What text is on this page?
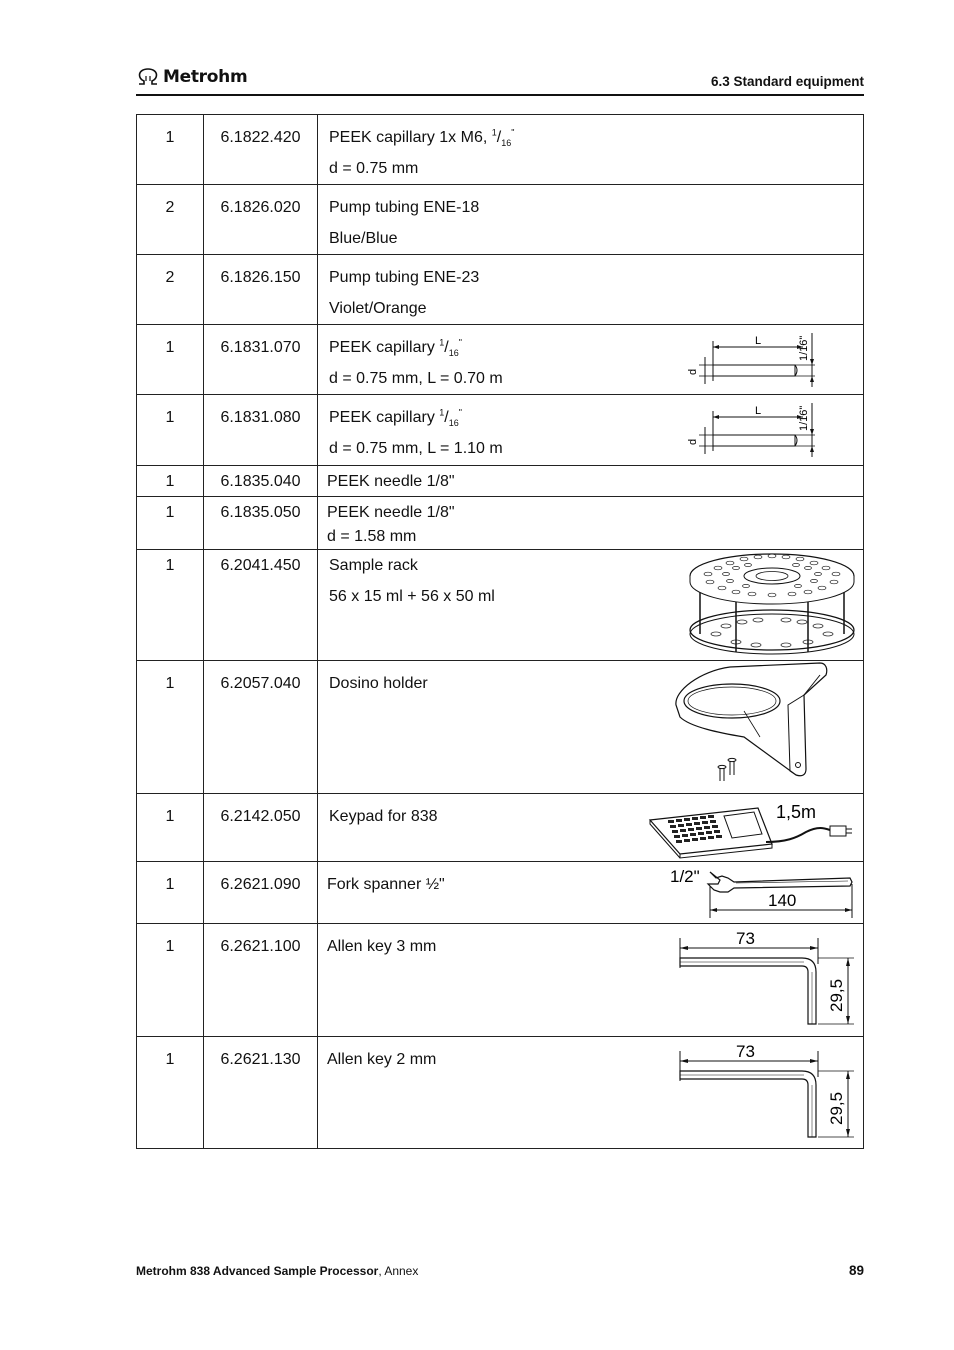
Metrohm	6.3 Standard equipment
1	6.1822.420	PEEK capillary 1x M6, $^1/_{16}^"$
d = 0.75 mm

2	6.1826.020	Pump tubing ENE-18
Blue/Blue

2	6.1826.150	Pump tubing ENE-23
Violet/Orange

1	6.1831.070	PEEK capillary $^1/_{16}^"$
d = 0.75 mm, L = 0.70 m
L 1/16"
d

1	6.1831.080	PEEK capillary $^1/_{16}^"$
d = 0.75 mm, L = 1.10 m
L 1/16"
d

1	6.1835.040	PEEK needle 1/8"

1	6.1835.050	PEEK needle 1/8"
d = 1.58 mm

1	6.2041.450	Sample rack
56 x 15 ml + 56 x 50 ml

1	6.2057.040	Dosino holder

1	6.2142.050	Keypad for 838 1,5m

1	6.2621.090	Fork spanner ½" 1/2"
140

1	6.2621.100	Allen key 3 mm 73
29,5

1	6.2621.130	Allen key 2 mm 73
29,5
Metrohm 838 Advanced Sample Processor, Annex	89
